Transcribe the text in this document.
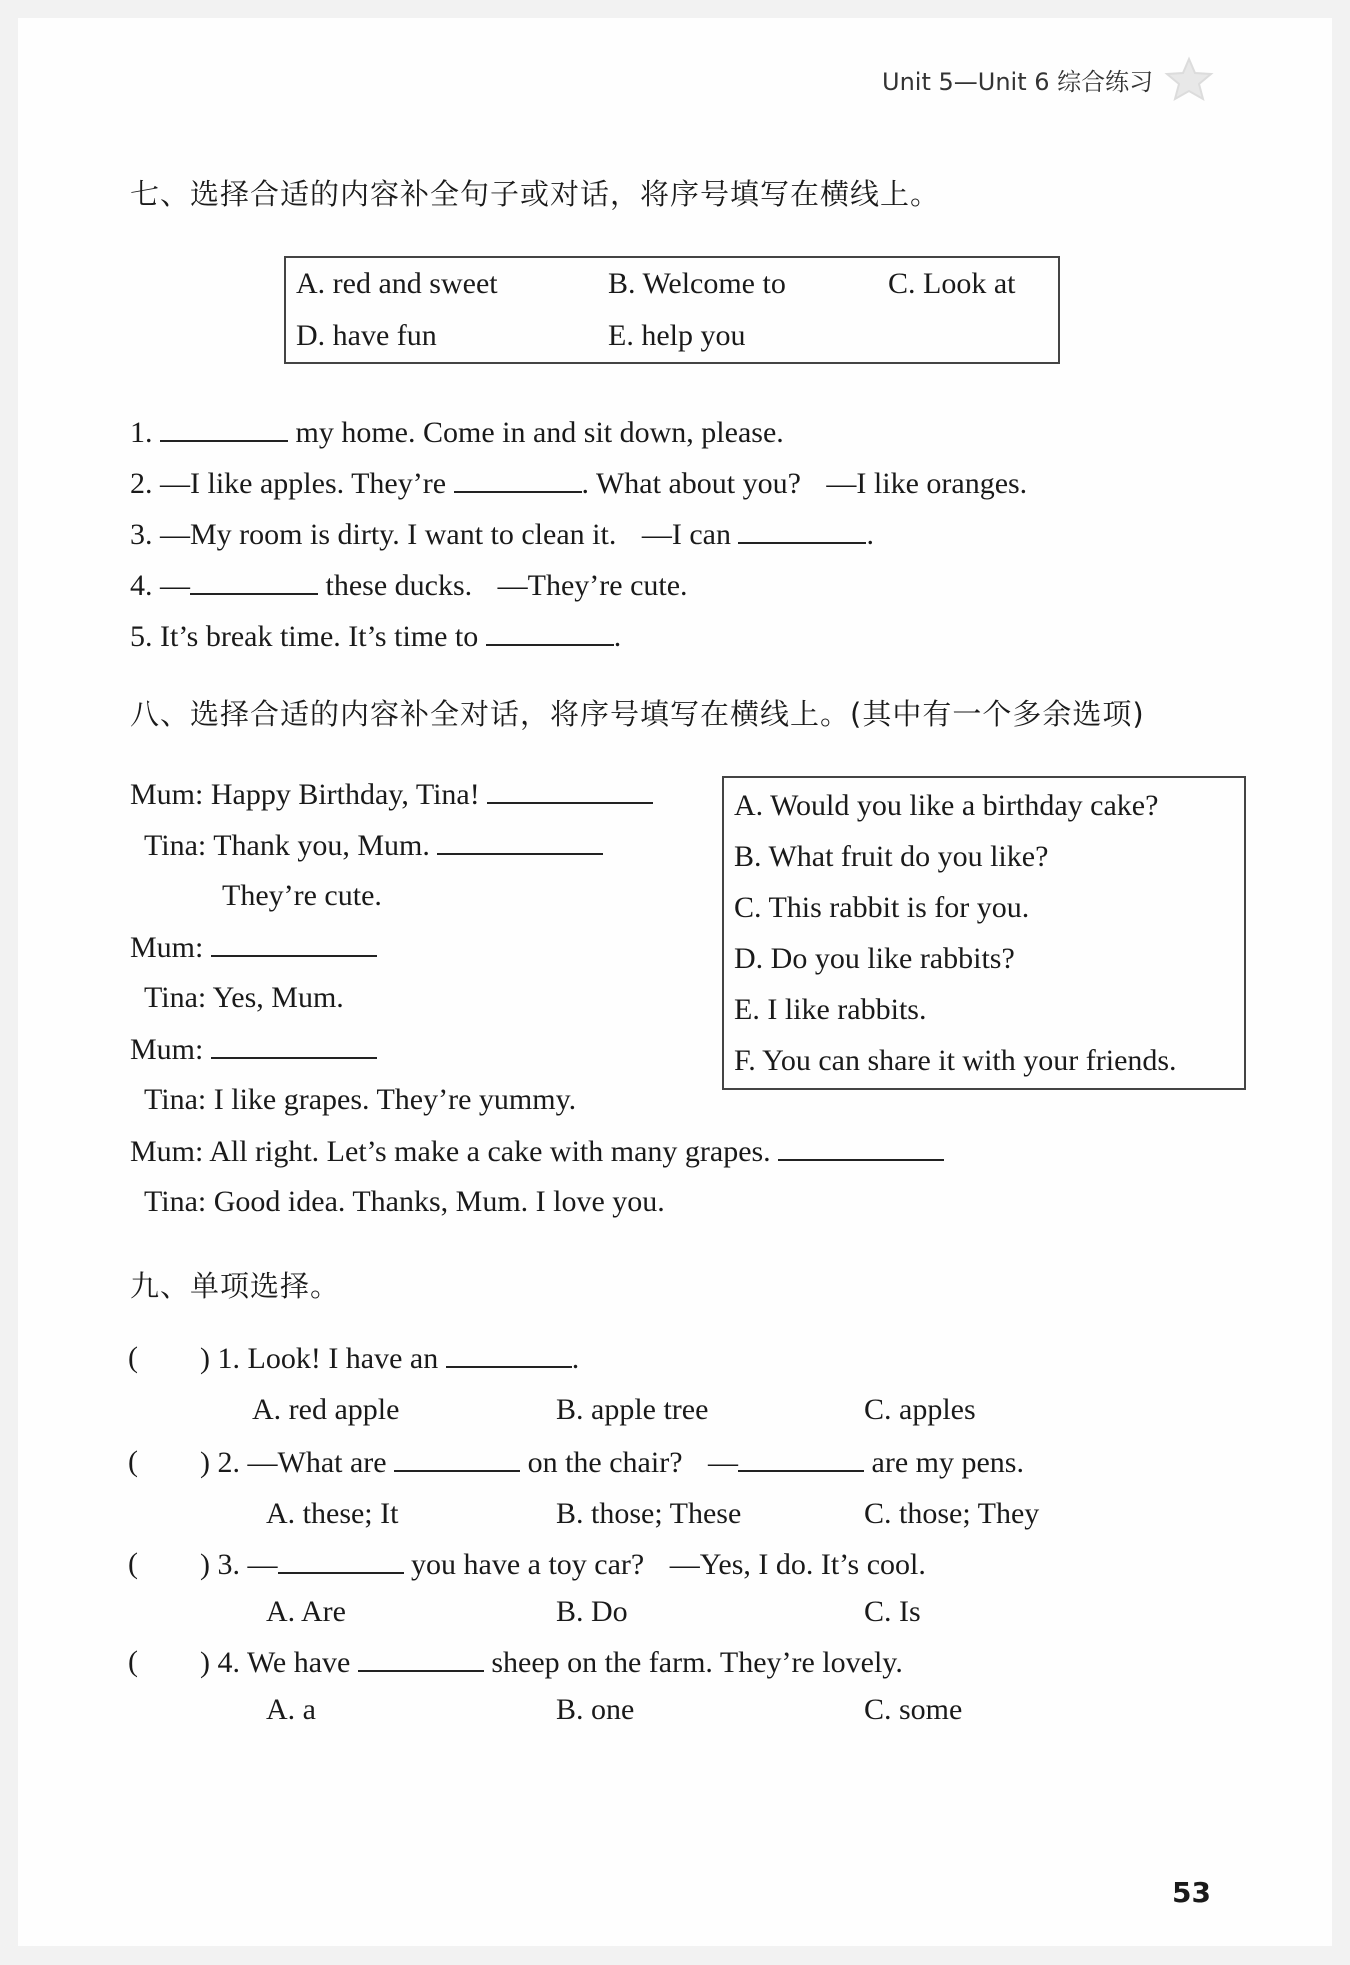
Unit 5—Unit 6 综合练习
七、选择合适的内容补全句子或对话，将序号填写在横线上。
A. red and sweet	B. Welcome to	C. Look at
D. have fun	E. help you
1.	my home. Come in and sit down, please.
2. —I like apples. They’re	. What about you? —I like oranges.
3. —My room is dirty. I want to clean it. —I can	.
4. —	these ducks. —They’re cute.
5. It’s break time. It’s time to	.
八、选择合适的内容补全对话，将序号填写在横线上。(其中有一个多余选项)
Mum: Happy Birthday, Tina!
Tina: Thank you, Mum.
They’re cute.
Mum:
Tina: Yes, Mum.
Mum:
Tina: I like grapes. They’re yummy.
Mum: All right. Let’s make a cake with many grapes.
Tina: Good idea. Thanks, Mum. I love you.
A. Would you like a birthday cake?
B. What fruit do you like?
C. This rabbit is for you.
D. Do you like rabbits?
E. I like rabbits.
F. You can share it with your friends.
九、单项选择。
( ) 1. Look! I have an	.
A. red apple	B. apple tree	C. apples
( ) 2. —What are	on the chair? —	are my pens.
A. these; It	B. those; These	C. those; They
( ) 3. —	you have a toy car? —Yes, I do. It’s cool.
A. Are	B. Do	C. Is
( ) 4. We have	sheep on the farm. They’re lovely.
A. a	B. one	C. some
53
